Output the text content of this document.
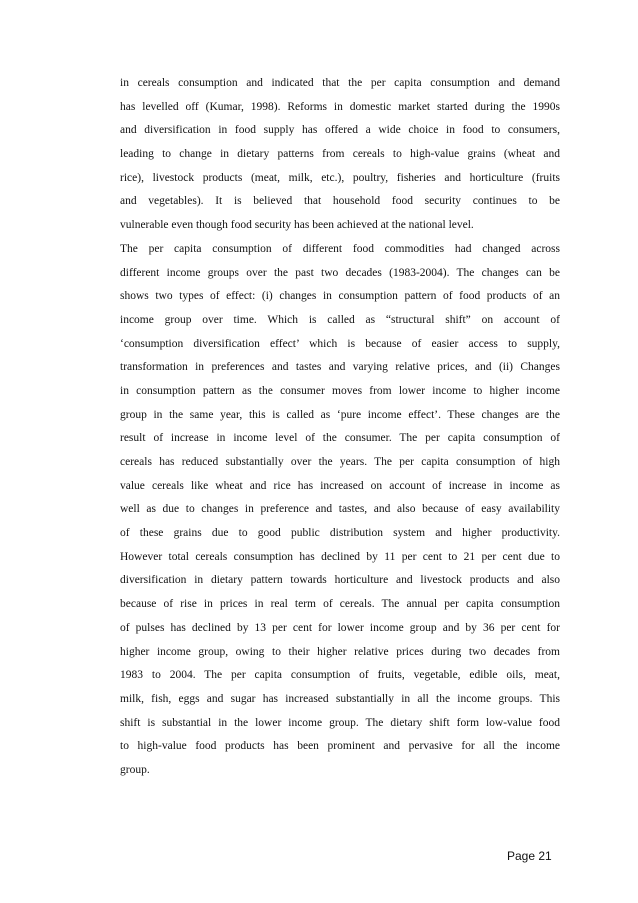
in cereals consumption and indicated that the per capita consumption and demand
has levelled off (Kumar, 1998). Reforms in domestic market started during the 1990s
and diversification in food supply has offered a wide choice in food to consumers,
leading to change in dietary patterns from cereals to high-value grains (wheat and
rice), livestock products (meat, milk, etc.), poultry, fisheries and horticulture (fruits
and vegetables). It is believed that household food security continues to be
vulnerable even though food security has been achieved at the national level.
The per capita consumption of different food commodities had changed across
different income groups over the past two decades (1983-2004). The changes can be
shows two types of effect: (i) changes in consumption pattern of food products of an
income group over time. Which is called as “structural shift” on account of
‘consumption diversification effect’ which is because of easier access to supply,
transformation in preferences and tastes and varying relative prices, and (ii) Changes
in consumption pattern as the consumer moves from lower income to higher income
group in the same year, this is called as ‘pure income effect’. These changes are the
result of increase in income level of the consumer. The per capita consumption of
cereals has reduced substantially over the years. The per capita consumption of high
value cereals like wheat and rice has increased on account of increase in income as
well as due to changes in preference and tastes, and also because of easy availability
of these grains due to good public distribution system and higher productivity.
However total cereals consumption has declined by 11 per cent to 21 per cent due to
diversification in dietary pattern towards horticulture and livestock products and also
because of rise in prices in real term of cereals. The annual per capita consumption
of pulses has declined by 13 per cent for lower income group and by 36 per cent for
higher income group, owing to their higher relative prices during two decades from
1983 to 2004. The per capita consumption of fruits, vegetable, edible oils, meat,
milk, fish, eggs and sugar has increased substantially in all the income groups. This
shift is substantial in the lower income group. The dietary shift form low-value food
to high-value food products has been prominent and pervasive for all the income
group.
Page 21
